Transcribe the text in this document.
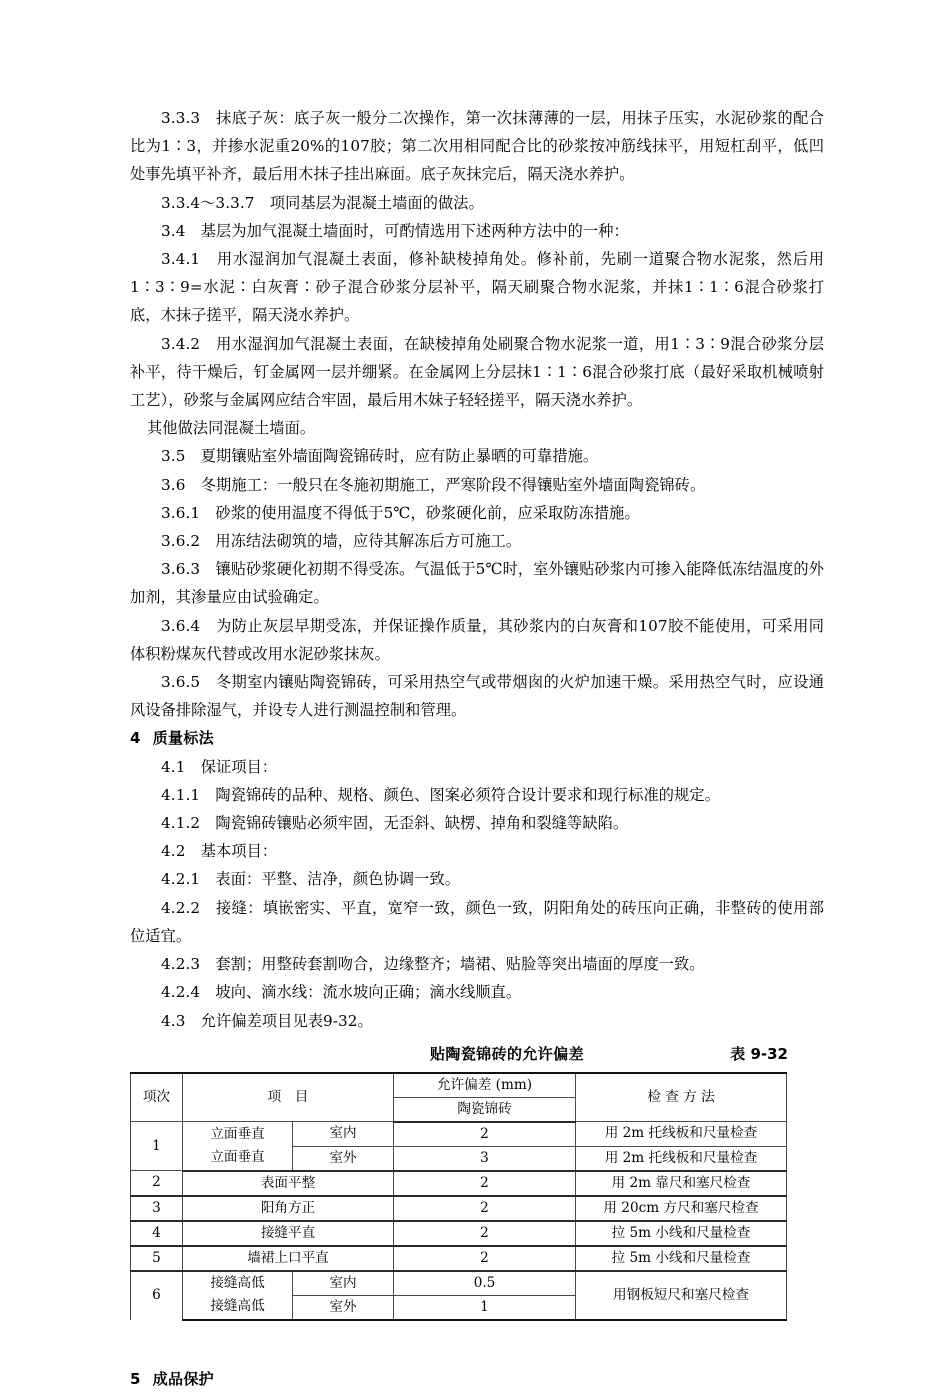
3.3.3　抹底子灰：底子灰一般分二次操作，第一次抹薄薄的一层，用抹子压实，水泥砂浆的配合比为1∶3，并掺水泥重20%的107胶；第二次用相同配合比的砂浆按冲筋线抹平，用短杠刮平，低凹处事先填平补齐，最后用木抹子挂出麻面。底子灰抹完后，隔天浇水养护。

3.3.4～3.3.7　项同基层为混凝土墙面的做法。

3.4　基层为加气混凝土墙面时，可酌情选用下述两种方法中的一种：

3.4.1　用水湿润加气混凝土表面，修补缺棱掉角处。修补前，先刷一道聚合物水泥浆，然后用1∶3∶9=水泥∶白灰膏∶砂子混合砂浆分层补平，隔天刷聚合物水泥浆，并抹1∶1∶6混合砂浆打底，木抹子搓平，隔天浇水养护。

3.4.2　用水湿润加气混凝土表面，在缺棱掉角处刷聚合物水泥浆一道，用1∶3∶9混合砂浆分层补平，待干燥后，钉金属网一层并绷紧。在金属网上分层抹1∶1∶6混合砂浆打底（最好采取机械喷射工艺），砂浆与金属网应结合牢固，最后用木妹子轻轻搓平，隔天浇水养护。

其他做法同混凝土墙面。

3.5　夏期镶贴室外墙面陶瓷锦砖时，应有防止暴晒的可靠措施。

3.6　冬期施工：一般只在冬施初期施工，严寒阶段不得镶贴室外墙面陶瓷锦砖。

3.6.1　砂浆的使用温度不得低于5℃，砂浆硬化前，应采取防冻措施。

3.6.2　用冻结法砌筑的墙，应待其解冻后方可施工。

3.6.3　镶贴砂浆硬化初期不得受冻。气温低于5℃时，室外镶贴砂浆内可掺入能降低冻结温度的外加剂，其渗量应由试验确定。

3.6.4　为防止灰层早期受冻，并保证操作质量，其砂浆内的白灰膏和107胶不能使用，可采用同体积粉煤灰代替或改用水泥砂浆抹灰。

3.6.5　冬期室内镶贴陶瓷锦砖，可采用热空气或带烟囱的火炉加速干燥。采用热空气时，应设通风设备排除湿气，并设专人进行测温控制和管理。

4 质量标法

4.1　保证项目：

4.1.1　陶瓷锦砖的品种、规格、颜色、图案必须符合设计要求和现行标准的规定。

4.1.2　陶瓷锦砖镶贴必须牢固，无歪斜、缺楞、掉角和裂缝等缺陷。

4.2　基本项目：

4.2.1　表面：平整、洁净，颜色协调一致。

4.2.2　接缝：填嵌密实、平直，宽窄一致，颜色一致，阴阳角处的砖压向正确，非整砖的使用部位适宜。

4.2.3　套割；用整砖套割吻合，边缘整齐；墙裙、贴脸等突出墙面的厚度一致。

4.2.4　坡向、滴水线：流水坡向正确；滴水线顺直。

4.3　允许偏差项目见表9-32。

贴陶瓷锦砖的允许偏差	表 9-32
项次	项　目		允许偏差 (mm)	检 查 方 法
			陶瓷锦砖	
1	立面垂直	室内	2	用 2m 托线板和尺量检查
	立面垂直	室外	3	用 2m 托线板和尺量检查
2	表面平整		2	用 2m 靠尺和塞尺检查
3	阳角方正		2	用 20cm 方尺和塞尺检查
4	接缝平直		2	拉 5m 小线和尺量检查
5	墙裙上口平直		2	拉 5m 小线和尺量检查
6	接缝高低	室内	0.5	用钢板短尺和塞尺检查
	接缝高低	室外	1	
5 成品保护
